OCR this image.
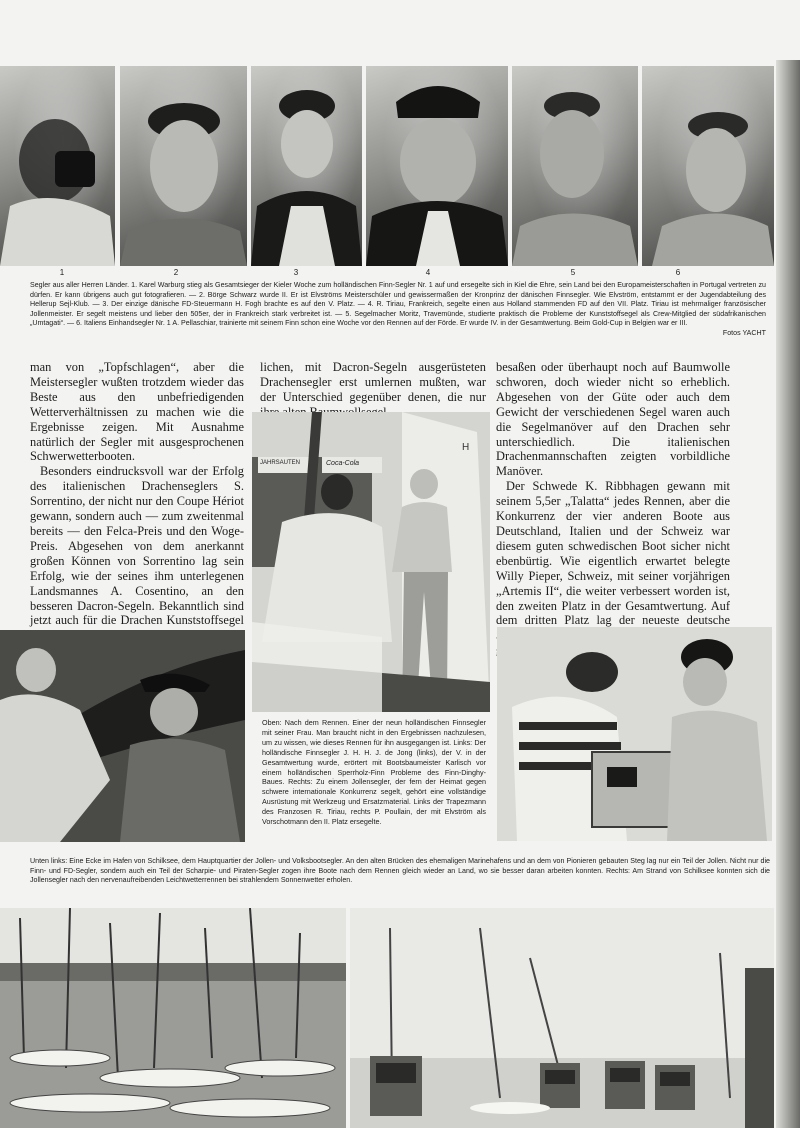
1	2	3	4	5	6
Segler aus aller Herren Länder. 1. Karel Warburg stieg als Gesamtsieger der Kieler Woche zum holländischen Finn-Segler Nr. 1 auf und ersegelte sich in Kiel die Ehre, sein Land bei den Europameisterschaften in Portugal vertreten zu dürfen. Er kann übrigens auch gut fotografieren. — 2. Börge Schwarz wurde II. Er ist Elvströms Meisterschüler und gewissermaßen der Kronprinz der dänischen Finnsegler. Wie Elvström, entstammt er der Jugendabteilung des Hellerup Sejl-Klub. — 3. Der einzige dänische FD-Steuermann H. Fogh brachte es auf den V. Platz. — 4. R. Tiriau, Frankreich, segelte einen aus Holland stammenden FD auf den VII. Platz. Tiriau ist mehrmaliger französischer Jollenmeister. Er segelt meistens und lieber den 505er, der in Frankreich stark verbreitet ist. — 5. Segelmacher Moritz, Travemünde, studierte praktisch die Probleme der Kunststoffsegel als Crew-Mitglied der südafrikanischen „Umtagati“. — 6. Italiens Einhandsegler Nr. 1 A. Pellaschiar, trainierte mit seinem Finn schon eine Woche vor den Rennen auf der Förde. Er wurde IV. in der Gesamtwertung. Beim Gold-Cup in Belgien war er III.
Fotos YACHT

man von „Topfschlagen“, aber die Meistersegler wußten trotzdem wieder das Beste aus den unbefriedigenden Wetterverhältnissen zu machen wie die Ergebnisse zeigen. Mit Ausnahme natürlich der Segler mit ausgesprochenen Schwerwetterbooten.

Besonders eindrucksvoll war der Erfolg des italienischen Drachenseglers S. Sorrentino, der nicht nur den Coupe Hériot gewann, sondern auch — zum zweitenmal bereits — den Felca-Preis und den Woge-Preis. Abgesehen von dem anerkannt großen Können von Sorrentino lag sein Erfolg, wie der seines ihm unterlegenen Landsmannes A. Cosentino, an den besseren Dacron-Segeln. Bekanntlich sind jetzt auch für die Drachen Kunststoffsegel

lichen, mit Dacron-Segeln ausgerüsteten Drachensegler erst umlernen mußten, war der Unterschied gegenüber denen, die nur

besaßen oder überhaupt noch auf Baumwolle schworen, doch wieder nicht so erheblich. Abgesehen von der Güte oder auch dem Gewicht der verschiedenen Segel waren auch die Segelmanöver auf den Drachen sehr unterschiedlich. Die italienischen Drachenmannschaften zeigten vorbildliche Manöver.

Der Schwede K. Ribbhagen gewann mit seinem 5,5er „Talatta“ jedes Rennen, aber die Konkurrenz der vier anderen Boote aus Deutschland, Italien und der Schweiz war diesem guten schwedischen Boot sicher nicht ebenbürtig. Wie eigentlich erwartet belegte Willy Pieper, Schweiz, mit seiner vorjährigen „Artemis II“, die weiter verbessert worden ist, den zweiten Platz in der Gesamtwertung. Auf dem dritten Platz lag der neueste deutsche

JAHRSAUTEN	Coca-Cola
H
Oben: Nach dem Rennen. Einer der neun holländischen Finnsegler mit seiner Frau. Man braucht nicht in den Ergebnissen nachzulesen, um zu wissen, wie dieses Rennen für ihn ausgegangen ist. Links: Der holländische Finnsegler J. H. H. J. de Jong (links), der V. in der Gesamtwertung wurde, erörtert mit Bootsbaumeister Karlisch vor einem holländischen Sperrholz-Finn Probleme des Finn-Dinghy-Baues. Rechts: Zu einem Jollensegler, der fern der Heimat gegen schwere internationale Konkurrenz segelt, gehört eine vollständige Ausrüstung mit Werkzeug und Ersatzmaterial. Links der Trapezmann des Franzosen R. Tiriau, rechts P. Poullain, der mit Elvström als Vorschotmann den II. Platz ersegelte.
Unten links: Eine Ecke im Hafen von Schilksee, dem Hauptquartier der Jollen- und Volksbootsegler. An den alten Brücken des ehemaligen Marinehafens und an dem von Pionieren gebauten Steg lag nur ein Teil der Jollen. Nicht nur die Finn- und FD-Segler, sondern auch ein Teil der Scharpie- und Piraten-Segler zogen ihre Boote nach dem Rennen gleich wieder an Land, wo sie besser daran arbeiten konnten. Rechts: Am Strand von Schilksee konnten sich die Jollensegler nach den nervenaufreibenden Leichtwetterrennen bei strahlendem Sonnenwetter erholen.
